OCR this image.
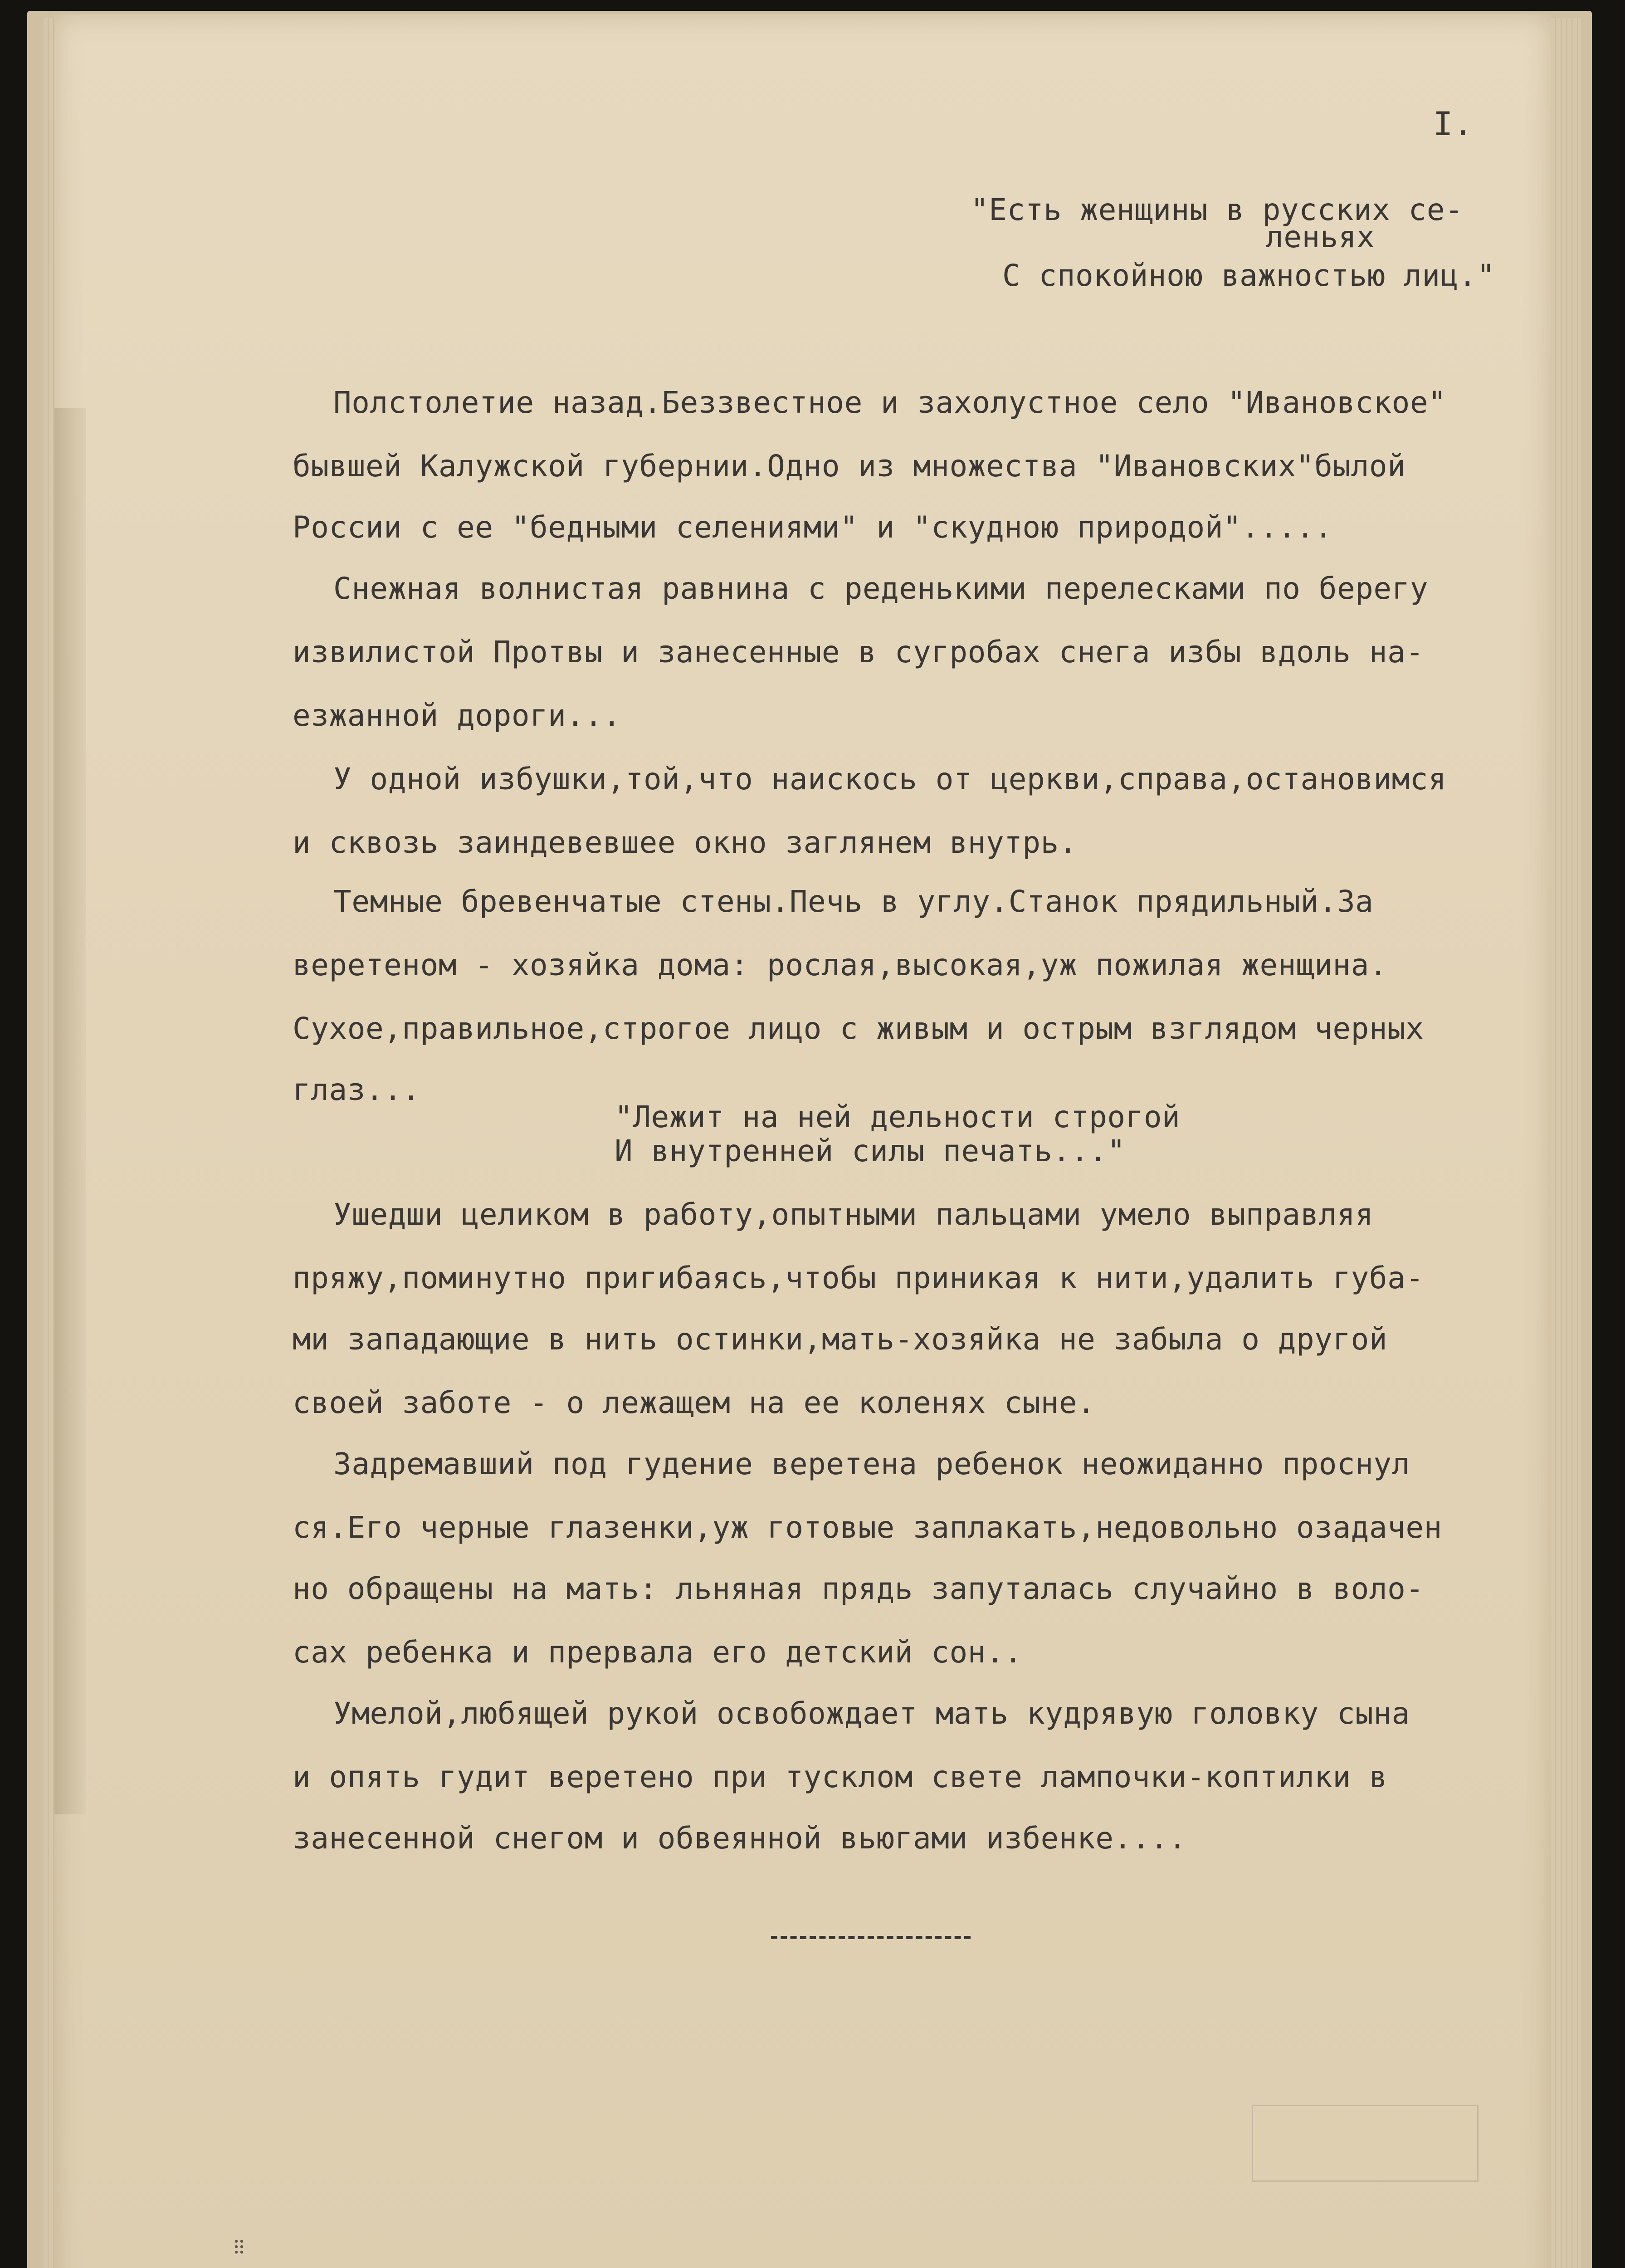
I.
"Есть женщины в русских се-
леньях
С спокойною важностью лиц."
Полстолетие назад.Беззвестное и захолустное село "Ивановское"
бывшей Калужской губернии.Одно из множества "Ивановских"былой
России с ее "бедными селениями" и "скудною природой".....
Снежная волнистая равнина с реденькими перелесками по берегу
извилистой Протвы и занесенные в сугробах снега избы вдоль на-
езжанной дороги...
У одной избушки,той,что наискось от церкви,справа,остановимся
и сквозь заиндевевшее окно заглянем внутрь.
Темные бревенчатые стены.Печь в углу.Станок прядильный.За
веретеном - хозяйка дома: рослая,высокая,уж пожилая женщина.
Сухое,правильное,строгое лицо с живым и острым взглядом черных
глаз...
"Лежит на ней дельности строгой
И внутренней силы печать..."
Ушедши целиком в работу,опытными пальцами умело выправляя
пряжу,поминутно пригибаясь,чтобы приникая к нити,удалить губа-
ми западающие в нить остинки,мать-хозяйка не забыла о другой
своей заботе - о лежащем на ее коленях сыне.
Задремавший под гудение веретена ребенок неожиданно проснул
ся.Его черные глазенки,уж готовые заплакать,недовольно озадачен
но обращены на мать: льняная прядь запуталась случайно в воло-
сах ребенка и прервала его детский сон..
Умелой,любящей рукой освобождает мать кудрявую головку сына
и опять гудит веретено при тусклом свете лампочки-коптилки в
занесенной снегом и обвеянной вьюгами избенке....
